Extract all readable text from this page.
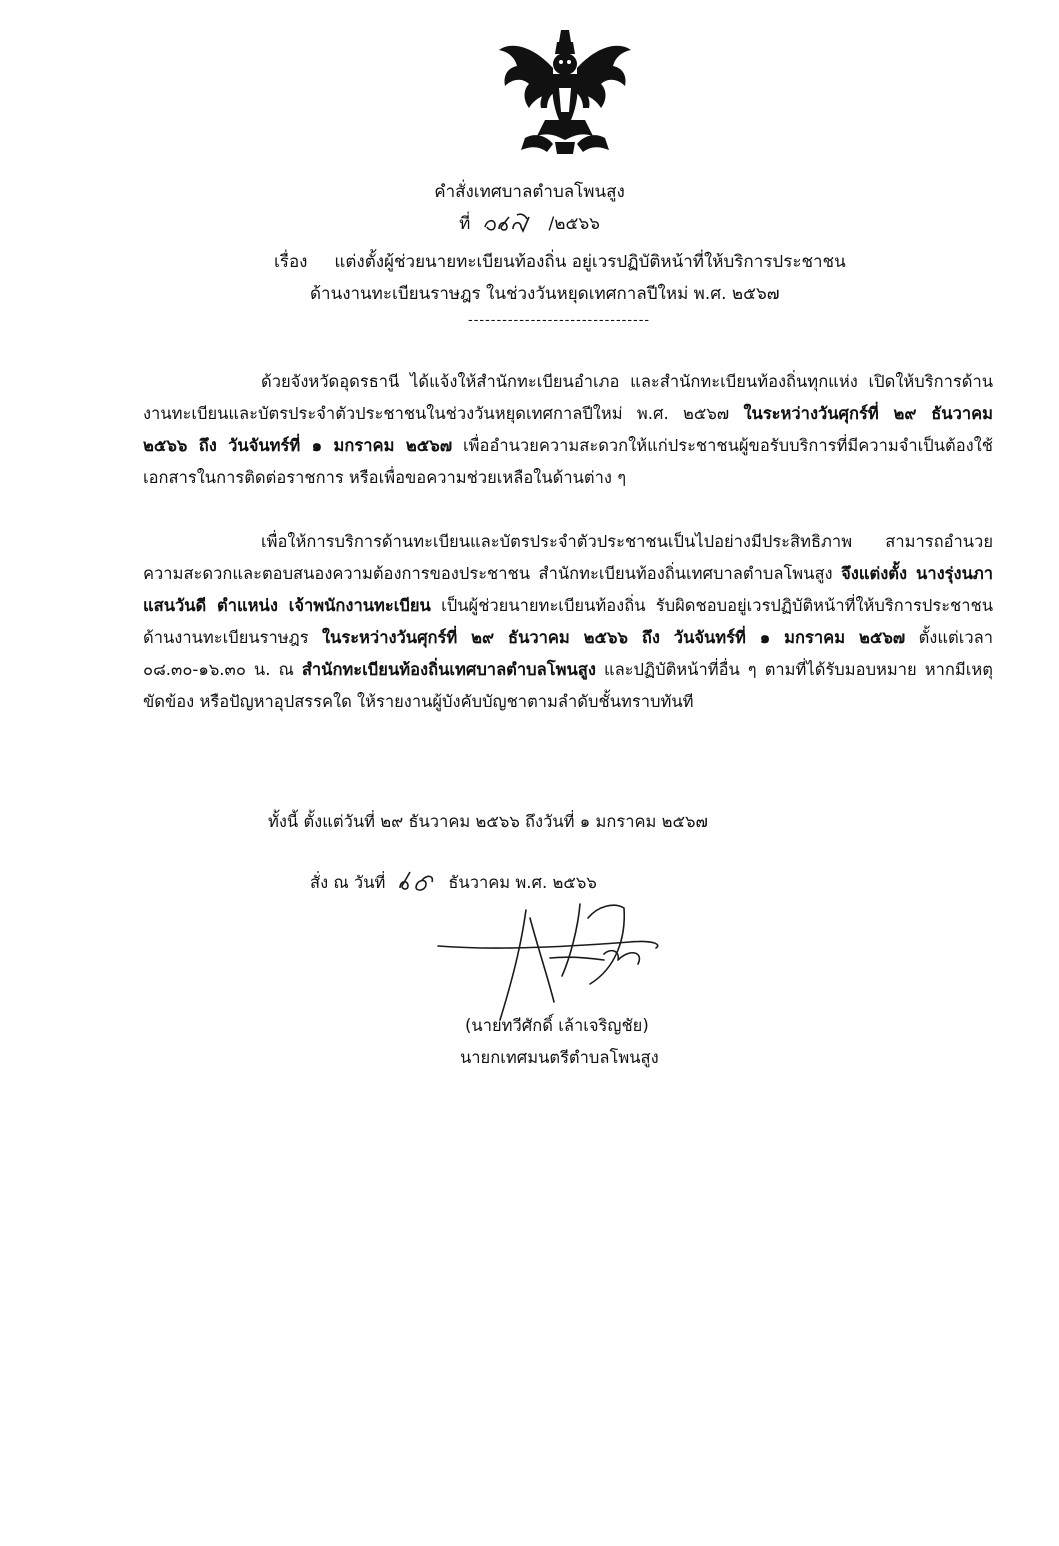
คำสั่งเทศบาลตำบลโพนสูง
ที่	/๒๕๖๖
เรื่อง แต่งตั้งผู้ช่วยนายทะเบียนท้องถิ่น อยู่เวรปฏิบัติหน้าที่ให้บริการประชาชน
ด้านงานทะเบียนราษฎร ในช่วงวันหยุดเทศกาลปีใหม่ พ.ศ. ๒๕๖๗
--------------------------------
ด้วยจังหวัดอุดรธานี ได้แจ้งให้สำนักทะเบียนอำเภอ และสำนักทะเบียนท้องถิ่นทุกแห่ง เปิดให้บริการด้านงานทะเบียนและบัตรประจำตัวประชาชนในช่วงวันหยุดเทศกาลปีใหม่ พ.ศ. ๒๕๖๗ ในระหว่างวันศุกร์ที่ ๒๙ ธันวาคม ๒๕๖๖ ถึง วันจันทร์ที่ ๑ มกราคม ๒๕๖๗ เพื่ออำนวยความสะดวกให้แก่ประชาชนผู้ขอรับบริการที่มีความจำเป็นต้องใช้เอกสารในการติดต่อราชการ หรือเพื่อขอความช่วยเหลือในด้านต่าง ๆ
เพื่อให้การบริการด้านทะเบียนและบัตรประจำตัวประชาชนเป็นไปอย่างมีประสิทธิภาพ สามารถอำนวยความสะดวกและตอบสนองความต้องการของประชาชน สำนักทะเบียนท้องถิ่นเทศบาลตำบลโพนสูง จึงแต่งตั้ง นางรุ่งนภา แสนวันดี ตำแหน่ง เจ้าพนักงานทะเบียน เป็นผู้ช่วยนายทะเบียนท้องถิ่น รับผิดชอบอยู่เวรปฏิบัติหน้าที่ให้บริการประชาชน ด้านงานทะเบียนราษฎร ในระหว่างวันศุกร์ที่ ๒๙ ธันวาคม ๒๕๖๖ ถึง วันจันทร์ที่ ๑ มกราคม ๒๕๖๗ ตั้งแต่เวลา ๐๘.๓๐-๑๖.๓๐ น. ณ สำนักทะเบียนท้องถิ่นเทศบาลตำบลโพนสูง และปฏิบัติหน้าที่อื่น ๆ ตามที่ได้รับมอบหมาย หากมีเหตุขัดข้อง หรือปัญหาอุปสรรคใด ให้รายงานผู้บังคับบัญชาตามลำดับชั้นทราบทันที
ทั้งนี้ ตั้งแต่วันที่ ๒๙ ธันวาคม ๒๕๖๖ ถึงวันที่ ๑ มกราคม ๒๕๖๗
สั่ง ณ วันที่	ธันวาคม พ.ศ. ๒๕๖๖
(นายทวีศักดิ์ เล้าเจริญชัย)
นายกเทศมนตรีตำบลโพนสูง
